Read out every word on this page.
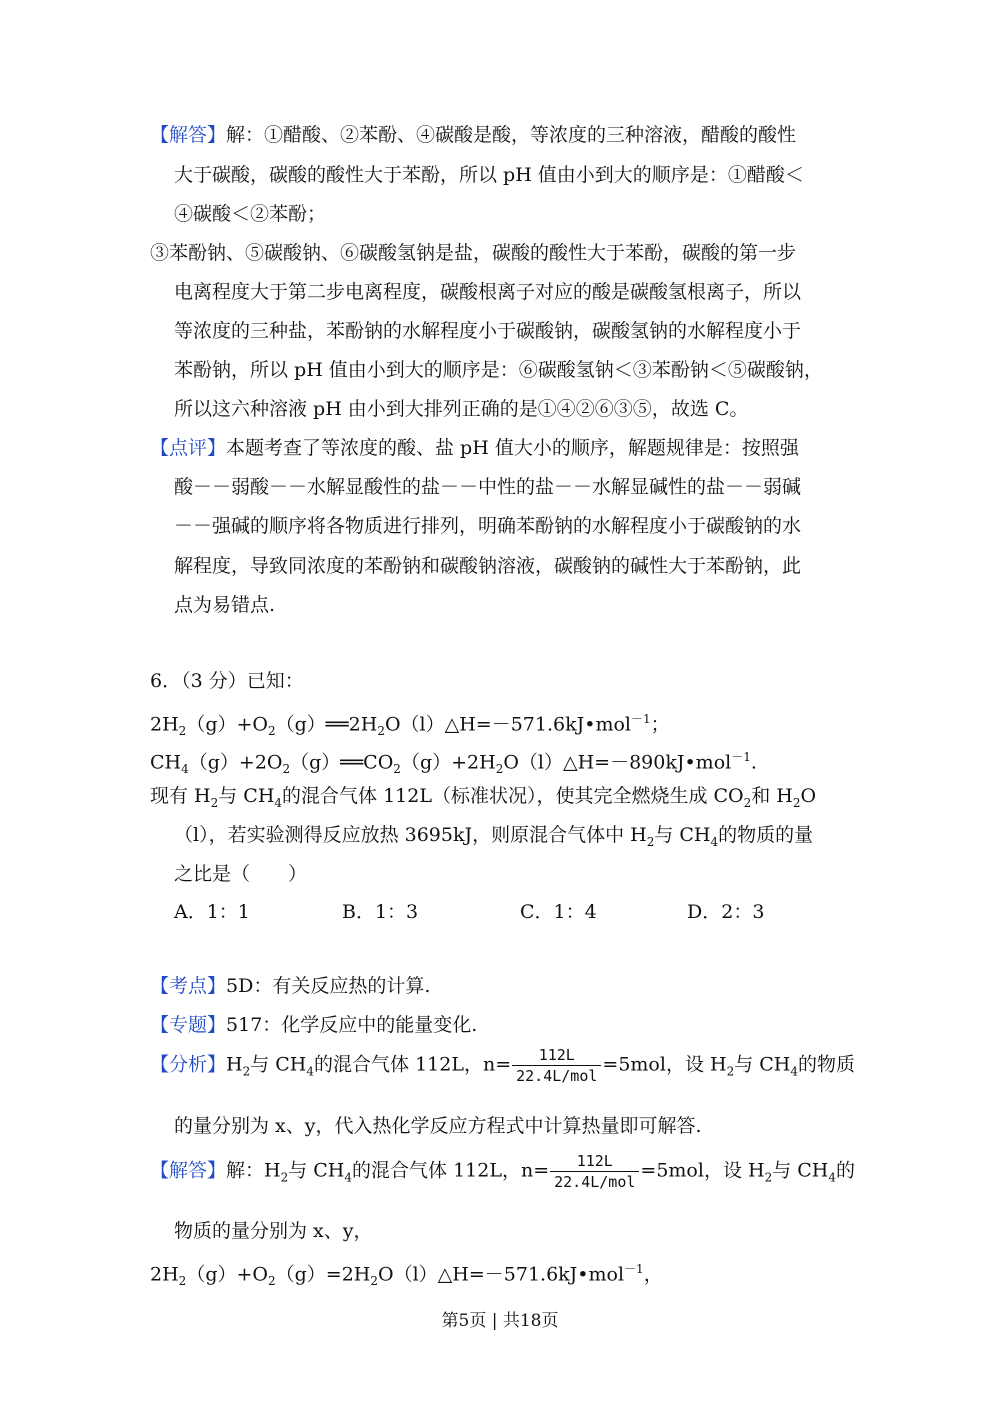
【解答】解：①醋酸、②苯酚、④碳酸是酸，等浓度的三种溶液，醋酸的酸性
大于碳酸，碳酸的酸性大于苯酚，所以 pH 值由小到大的顺序是：①醋酸＜
④碳酸＜②苯酚；
③苯酚钠、⑤碳酸钠、⑥碳酸氢钠是盐，碳酸的酸性大于苯酚，碳酸的第一步
电离程度大于第二步电离程度，碳酸根离子对应的酸是碳酸氢根离子，所以
等浓度的三种盐，苯酚钠的水解程度小于碳酸钠，碳酸氢钠的水解程度小于
苯酚钠，所以 pH 值由小到大的顺序是：⑥碳酸氢钠＜③苯酚钠＜⑤碳酸钠，
所以这六种溶液 pH 由小到大排列正确的是①④②⑥③⑤，故选 C。
【点评】本题考查了等浓度的酸、盐 pH 值大小的顺序，解题规律是：按照强
酸－－弱酸－－水解显酸性的盐－－中性的盐－－水解显碱性的盐－－弱碱
－－强碱的顺序将各物质进行排列，明确苯酚钠的水解程度小于碳酸钠的水
解程度，导致同浓度的苯酚钠和碳酸钠溶液，碳酸钠的碱性大于苯酚钠，此
点为易错点.
6．（3 分）已知：
$2H_2(g)+O_2(g)══2H_2O(l)\triangle H=-571.6kJ•mol^{-1}$；
$CH_4(g)+2O_2(g)══CO_2(g)+2H_2O(l)\triangle H=-890kJ•mol^{-1}$.
现有 $H_2$与 $CH_4$的混合气体 112L（标准状况），使其完全燃烧生成 $CO_2$和 $H_2O$
（l），若实验测得反应放热 3695kJ，则原混合气体中 $H_2$与 $CH_4$的物质的量
之比是（　　）
A．1：1	B．1：3	C．1：4	D．2：3
【考点】5D：有关反应热的计算.
【专题】517：化学反应中的能量变化.
【分析】$H_2$与 $CH_4$的混合气体 112L，$n= \frac{112L}{\text{22.4L/mol}} =5mol$，设 $H_2$与 $CH_4$的物质
的量分别为 x、y，代入热化学反应方程式中计算热量即可解答.
【解答】解：$H_2$与 $CH_4$的混合气体 112L，$n= \frac{112L}{\text{22.4L/mol}} =5mol$，设 $H_2$与 $CH_4$的
物质的量分别为 x、y，
$2H_2(g)+O_2(g)=2H_2O(l)\triangle H=-571.6kJ•mol^{-1}$，
第5页 | 共18页
